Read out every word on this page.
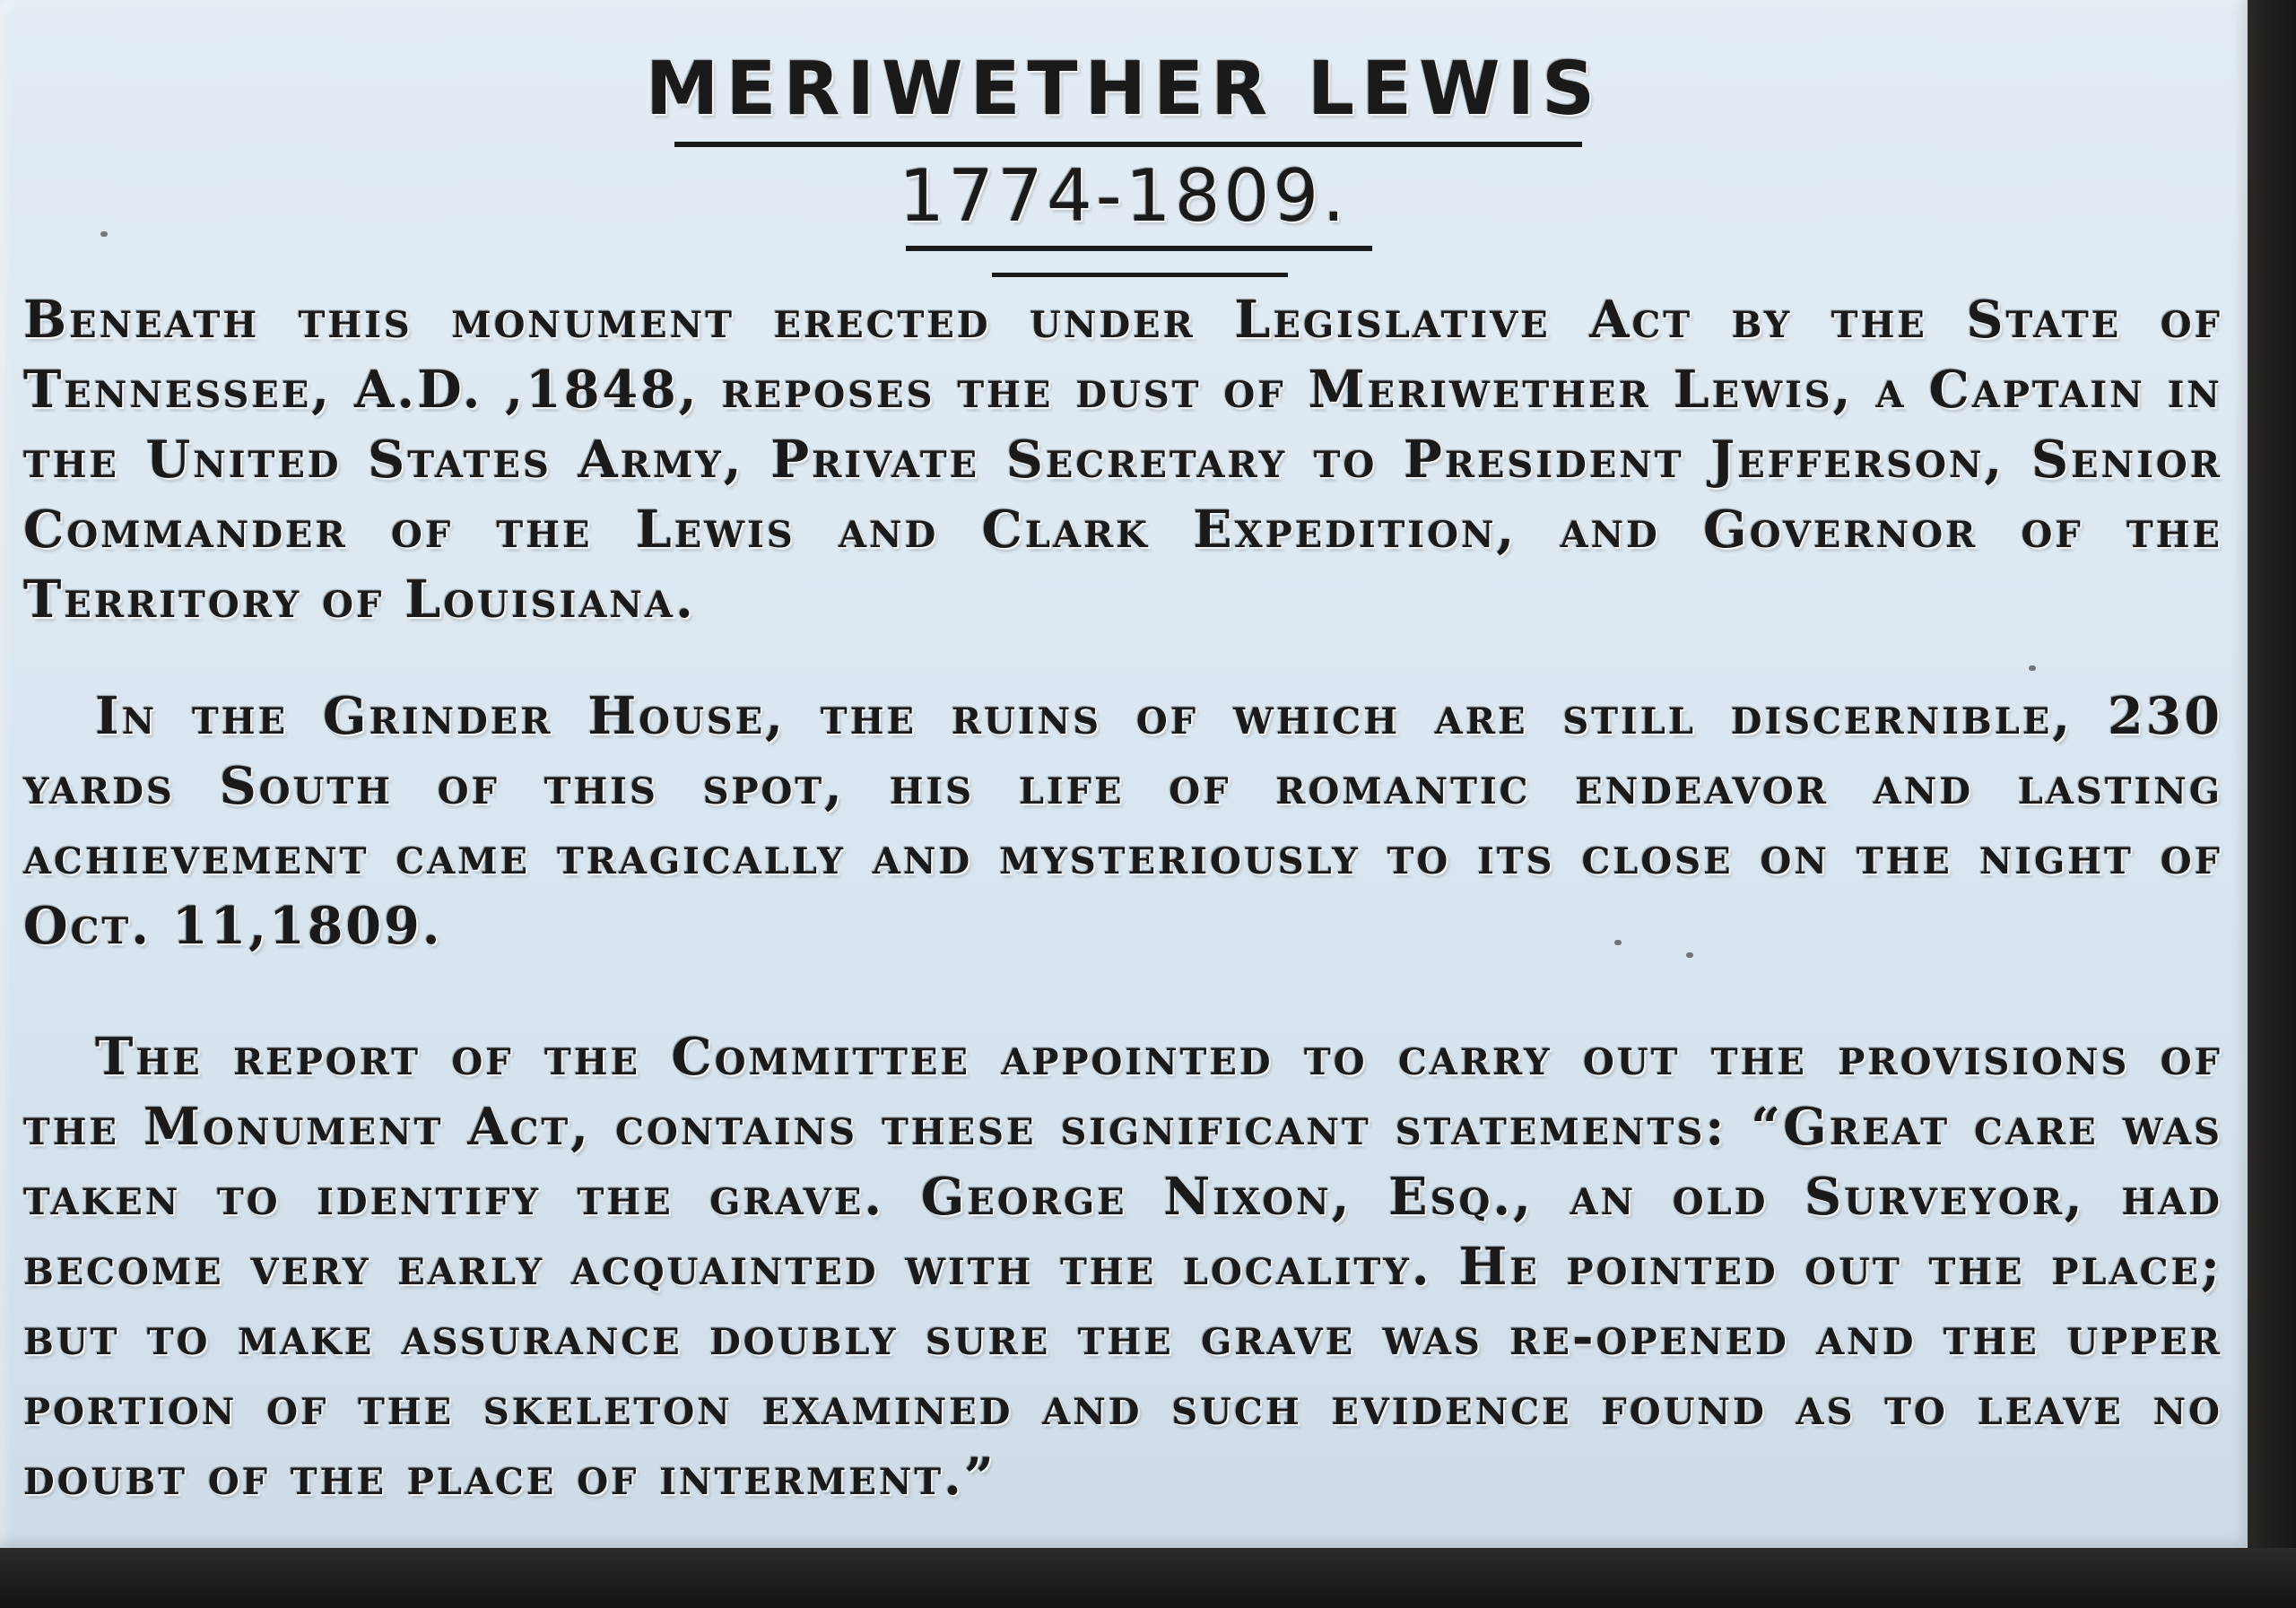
MERIWETHER LEWIS
1774-1809.
Beneath this monument erected under Legislative Act by the State of Tennessee, A.D. ,1848, reposes the dust of Meriwether Lewis, a Captain in the United States Army, Private Secretary to President Jefferson, Senior Commander of the Lewis and Clark Expedition, and Governor of the Territory of Louisiana.
In the Grinder House, the ruins of which are still discernible, 230 yards South of this spot, his life of romantic endeavor and lasting achievement came tragically and mysteriously to its close on the night of Oct. 11,1809.
The report of the Committee appointed to carry out the provisions of the Monument Act, contains these significant statements: “Great care was taken to identify the grave. George Nixon, Esq., an old Surveyor, had become very early acquainted with the locality. He pointed out the place; but to make assurance doubly sure the grave was re-opened and the upper portion of the skeleton examined and such evidence found as to leave no doubt of the place of interment.”
